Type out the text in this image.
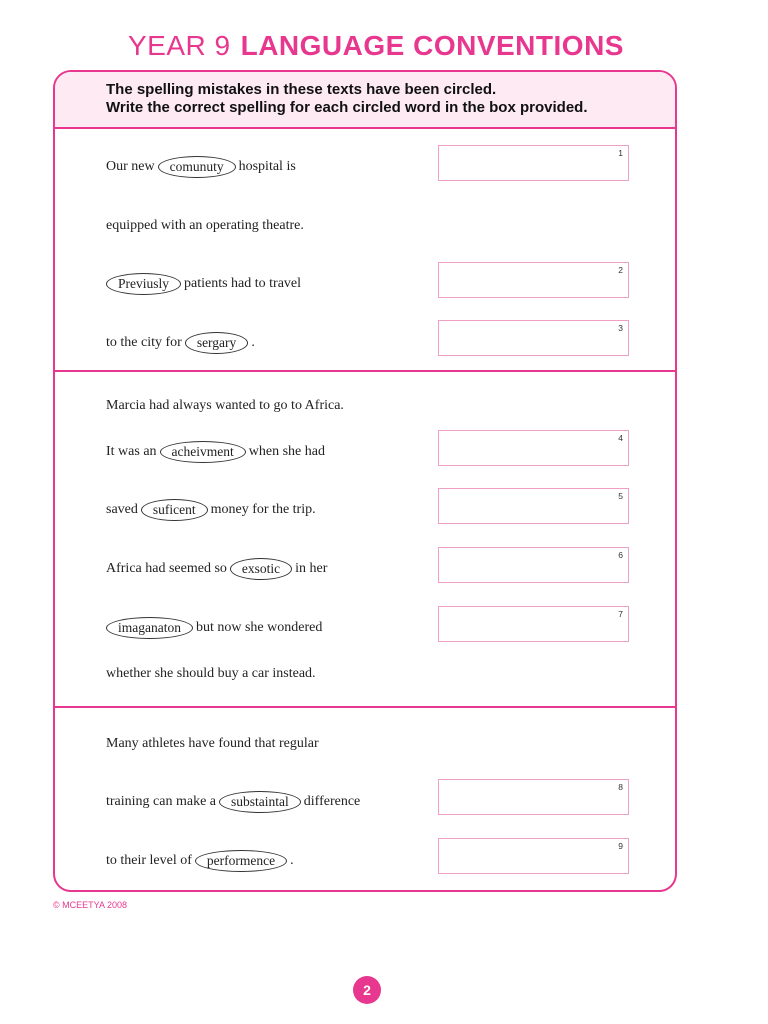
YEAR 9 LANGUAGE CONVENTIONS
The spelling mistakes in these texts have been circled.
Write the correct spelling for each circled word in the box provided.
Our new	comunuty	hospital is
equipped with an operating theatre.
Previusly	patients had to travel
to the city for	sergary	.
1
2
3
Marcia had always wanted to go to Africa.
It was an	acheivment	when she had
saved	suficent	money for the trip.
Africa had seemed so	exsotic	in her
imaganaton	but now she wondered
whether she should buy a car instead.
4
5
6
7
Many athletes have found that regular
training can make a	substaintal	difference
to their level of	performence	.
8
9
© MCEETYA 2008
2
